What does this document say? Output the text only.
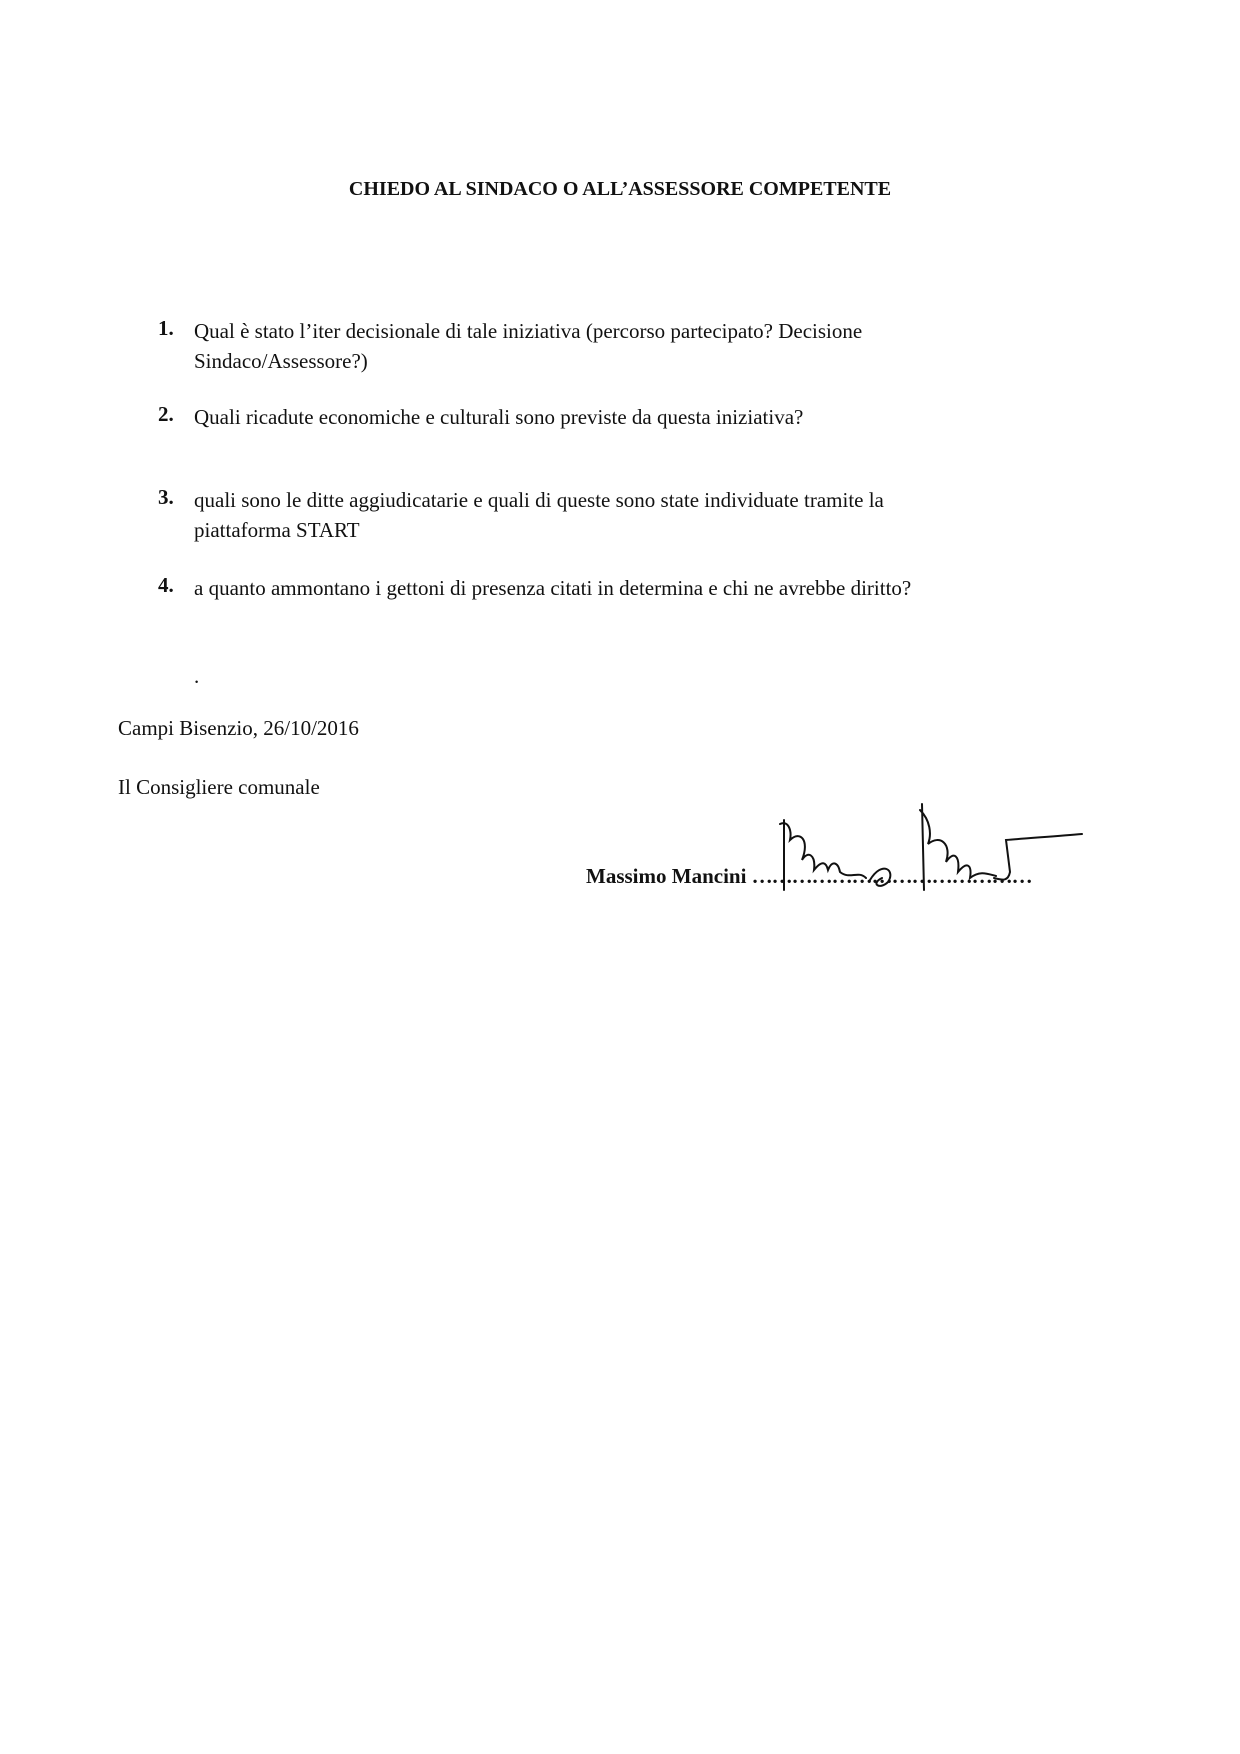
CHIEDO AL SINDACO O ALL’ASSESSORE COMPETENTE
1. Qual è stato l’iter decisionale di tale iniziativa (percorso partecipato? Decisione
Sindaco/Assessore?)
2. Quali ricadute economiche e culturali sono previste da questa iniziativa?
3. quali sono le ditte aggiudicatarie e quali di queste sono state individuate tramite la
piattaforma START
4. a quanto ammontano i gettoni di presenza citati in determina e chi ne avrebbe diritto?
.
Campi Bisenzio, 26/10/2016
Il Consigliere comunale
Massimo Mancini ……………………………………
